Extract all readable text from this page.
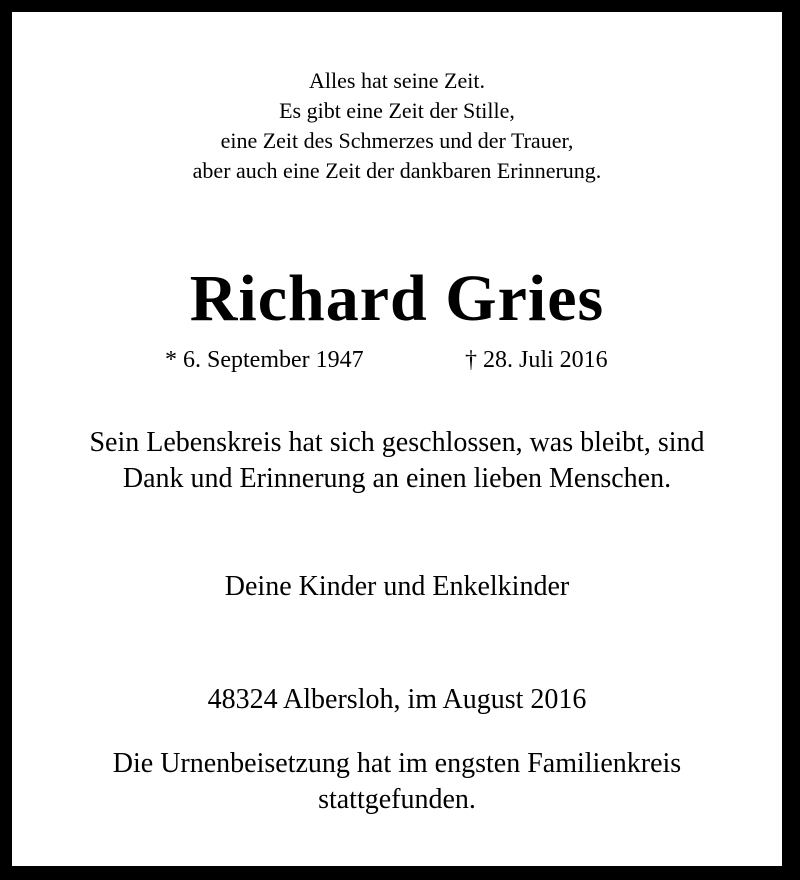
Alles hat seine Zeit.
Es gibt eine Zeit der Stille,
eine Zeit des Schmerzes und der Trauer,
aber auch eine Zeit der dankbaren Erinnerung.
Richard Gries
* 6. September 1947	† 28. Juli 2016
Sein Lebenskreis hat sich geschlossen, was bleibt, sind
Dank und Erinnerung an einen lieben Menschen.
Deine Kinder und Enkelkinder
48324 Albersloh, im August 2016
Die Urnenbeisetzung hat im engsten Familienkreis
stattgefunden.
